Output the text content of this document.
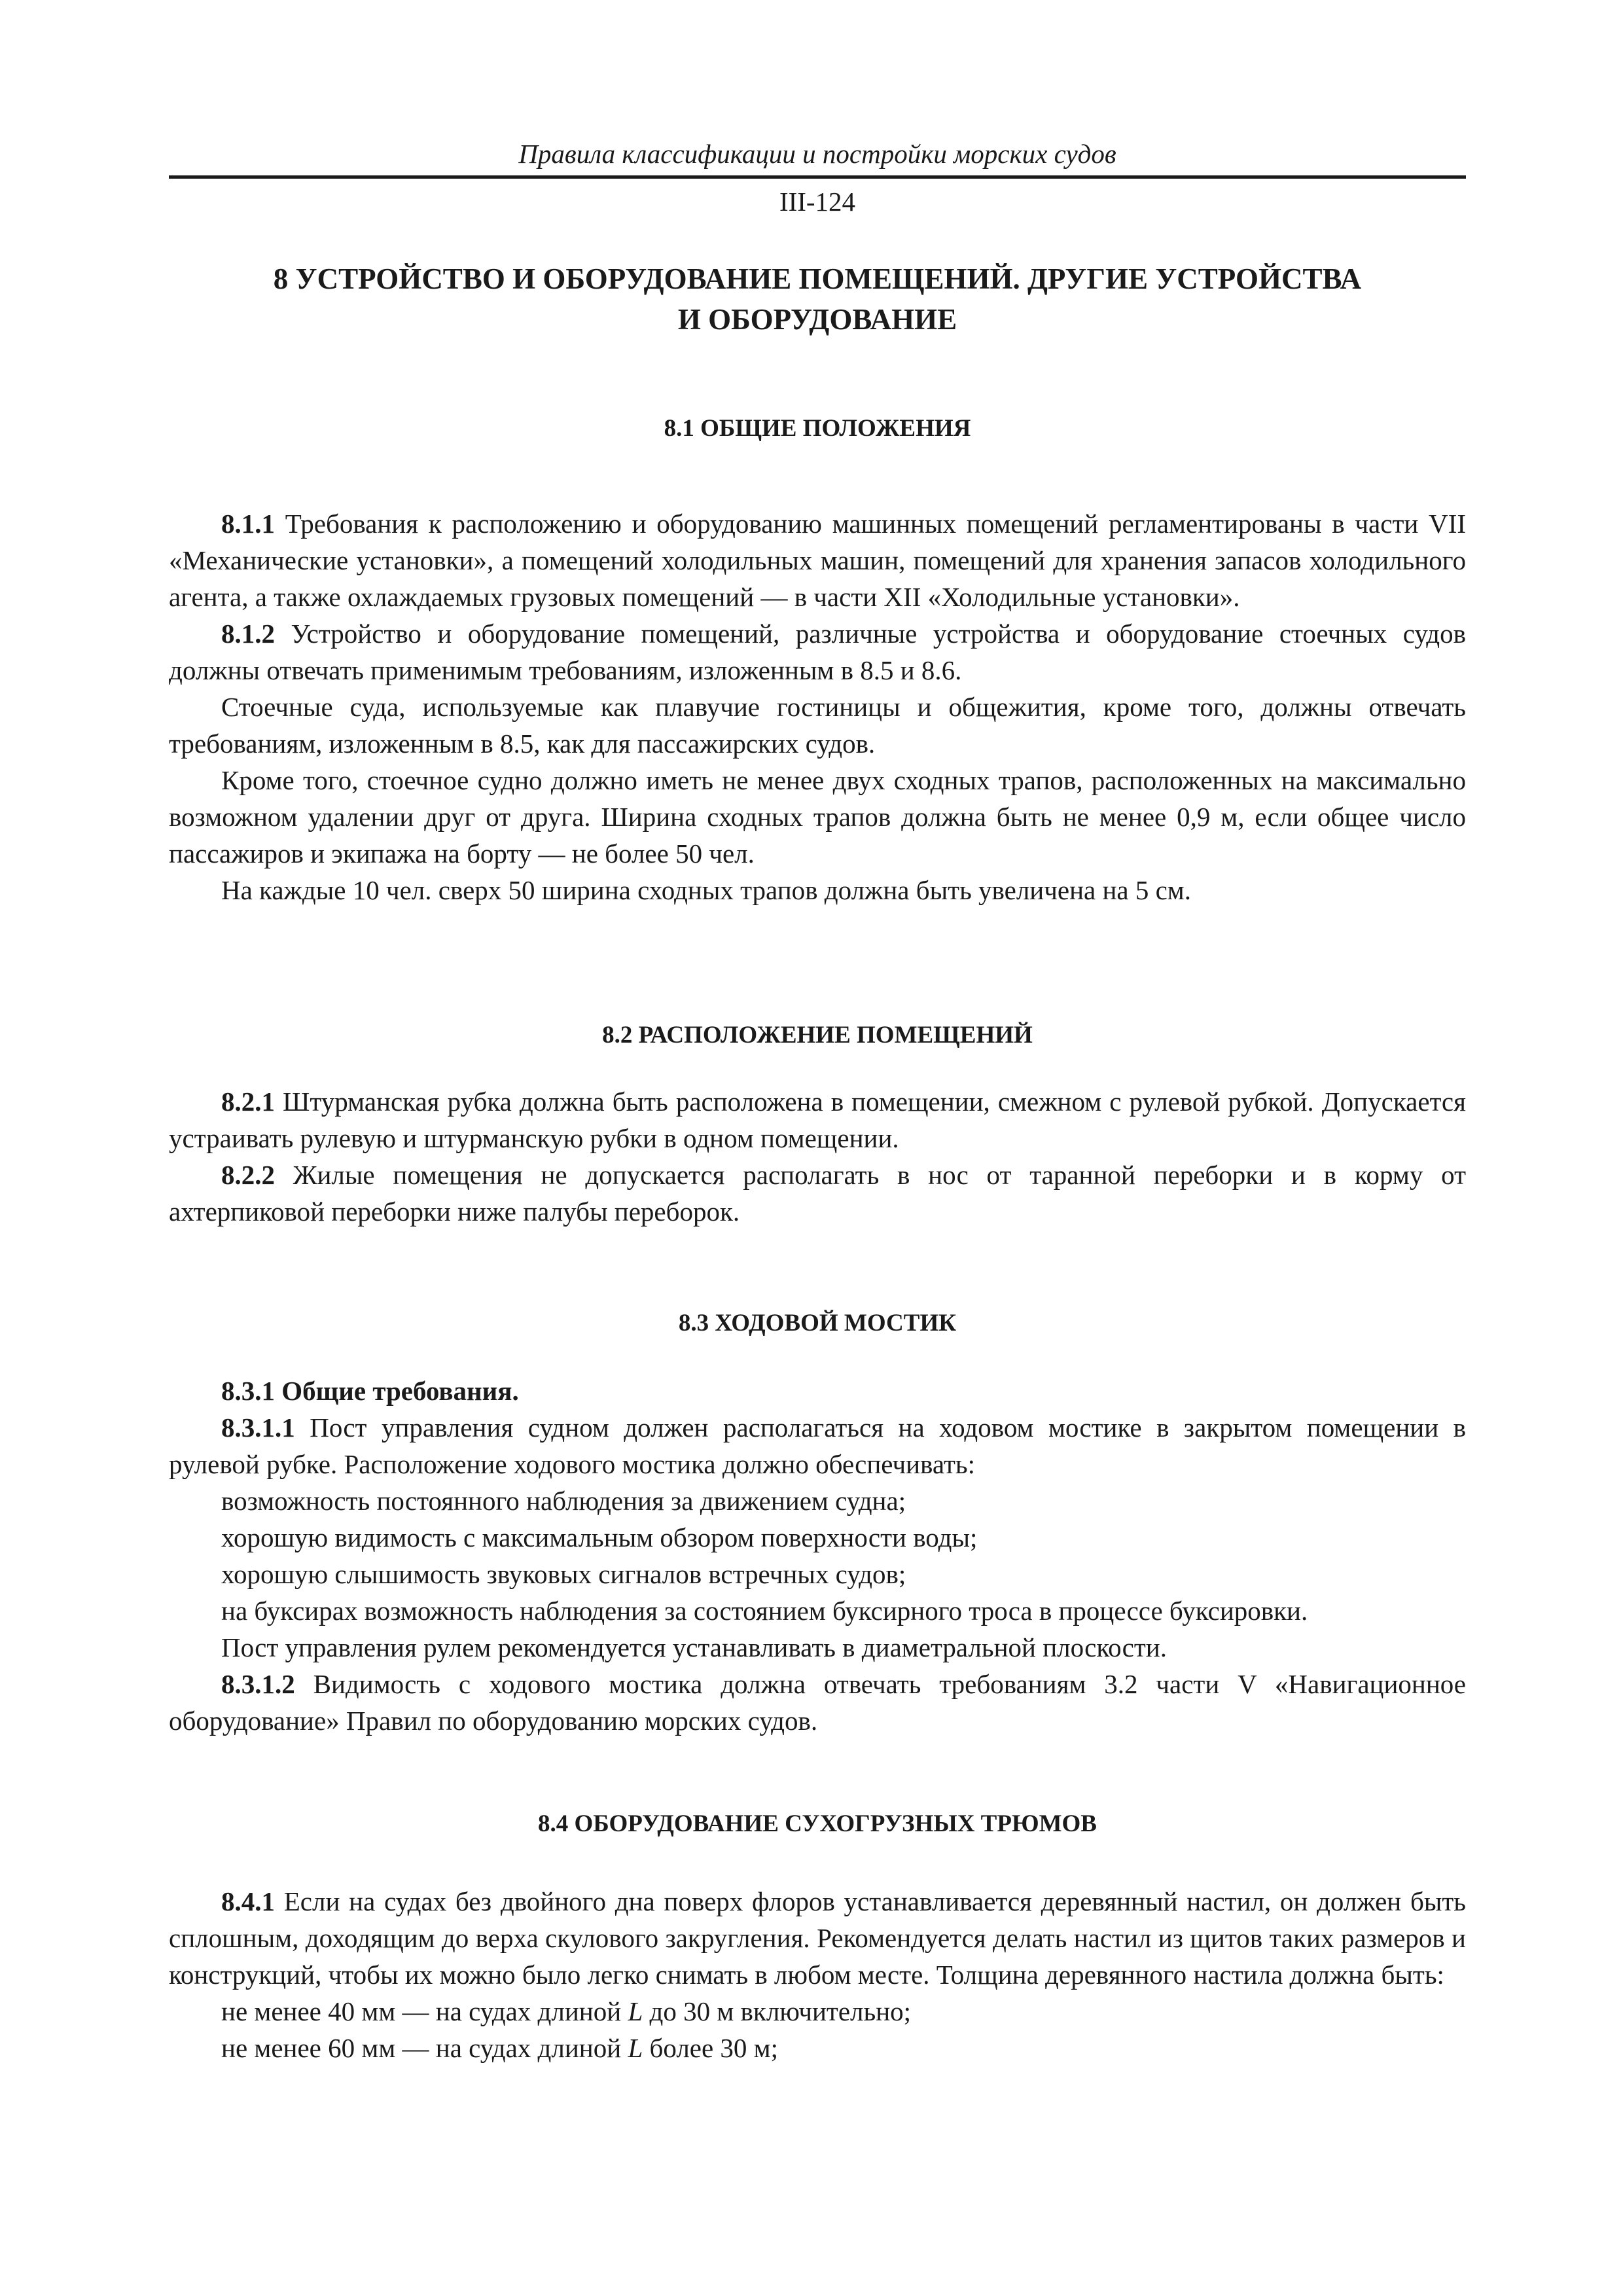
Правила классификации и постройки морских судов
III-124
8 УСТРОЙСТВО И ОБОРУДОВАНИЕ ПОМЕЩЕНИЙ. ДРУГИЕ УСТРОЙСТВА
И ОБОРУДОВАНИЕ
8.1 ОБЩИЕ ПОЛОЖЕНИЯ

8.1.1 Требования к расположению и оборудованию машинных помещений регламентированы в части VII «Механические установки», а помещений холодильных машин, помещений для хранения запасов холодильного агента, а также охлаждаемых грузовых помещений — в части XII «Холодильные установки».

8.1.2 Устройство и оборудование помещений, различные устройства и оборудование стоечных судов должны отвечать применимым требованиям, изложенным в 8.5 и 8.6.

Стоечные суда, используемые как плавучие гостиницы и общежития, кроме того, должны отвечать требованиям, изложенным в 8.5, как для пассажирских судов.

Кроме того, стоечное судно должно иметь не менее двух сходных трапов, расположенных на максимально возможном удалении друг от друга. Ширина сходных трапов должна быть не менее 0,9 м, если общее число пассажиров и экипажа на борту — не более 50 чел.

На каждые 10 чел. сверх 50 ширина сходных трапов должна быть увеличена на 5 см.

8.2 РАСПОЛОЖЕНИЕ ПОМЕЩЕНИЙ

8.2.1 Штурманская рубка должна быть расположена в помещении, смежном с рулевой рубкой. Допускается устраивать рулевую и штурманскую рубки в одном помещении.

8.2.2 Жилые помещения не допускается располагать в нос от таранной переборки и в корму от ахтерпиковой переборки ниже палубы переборок.

8.3 ХОДОВОЙ МОСТИК

8.3.1 Общие требования.

8.3.1.1 Пост управления судном должен располагаться на ходовом мостике в закрытом помещении в рулевой рубке. Расположение ходового мостика должно обеспечивать:

возможность постоянного наблюдения за движением судна;

хорошую видимость с максимальным обзором поверхности воды;

хорошую слышимость звуковых сигналов встречных судов;

на буксирах возможность наблюдения за состоянием буксирного троса в процессе буксировки.

Пост управления рулем рекомендуется устанавливать в диаметральной плоскости.

8.3.1.2 Видимость с ходового мостика должна отвечать требованиям 3.2 части V «Навигационное оборудование» Правил по оборудованию морских судов.

8.4 ОБОРУДОВАНИЕ СУХОГРУЗНЫХ ТРЮМОВ

8.4.1 Если на судах без двойного дна поверх флоров устанавливается деревянный настил, он должен быть сплошным, доходящим до верха скулового закругления. Рекомендуется делать настил из щитов таких размеров и конструкций, чтобы их можно было легко снимать в любом месте. Толщина деревянного настила должна быть:

не менее 40 мм — на судах длиной L до 30 м включительно;

не менее 60 мм — на судах длиной L более 30 м;
